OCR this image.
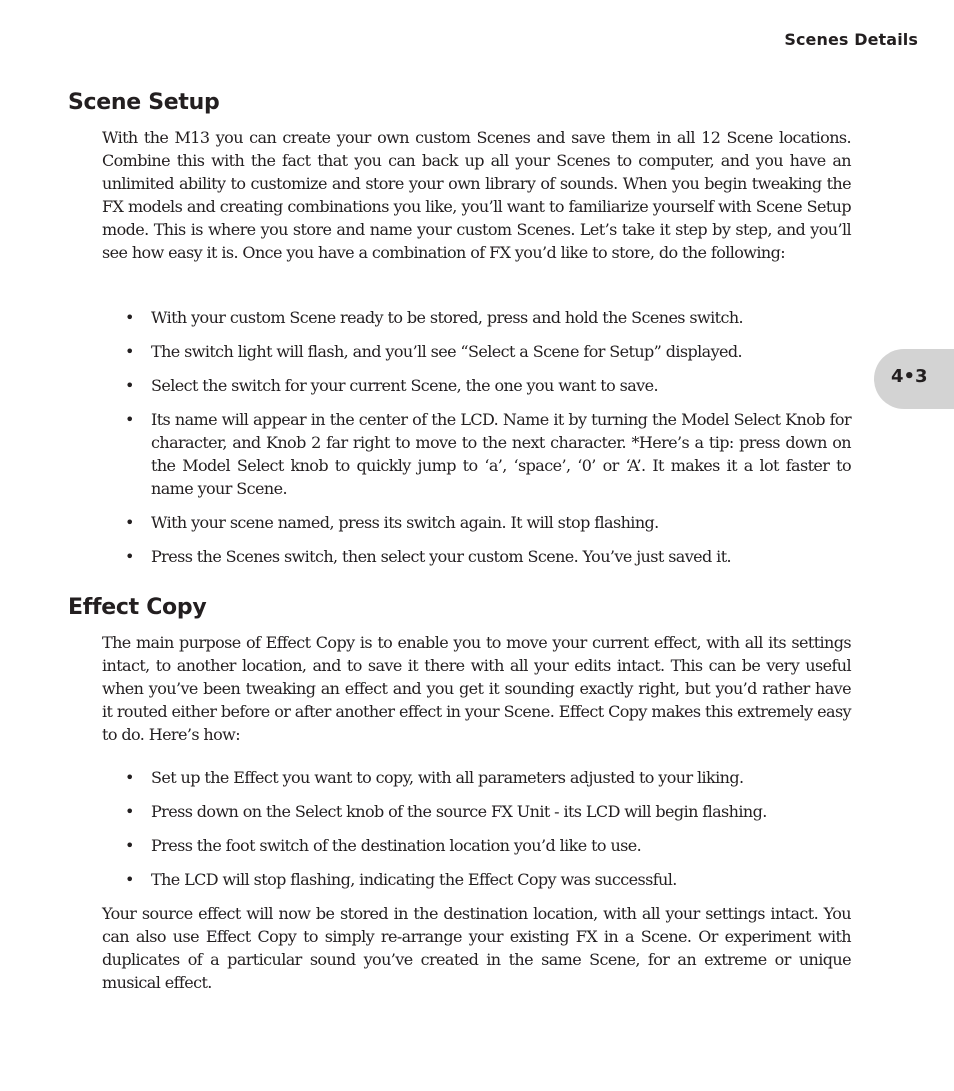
Scenes Details
4•3
Scene Setup

With the M13 you can create your own custom Scenes and save them in all 12 Scene locations. Combine this with the fact that you can back up all your Scenes to computer, and you have an unlimited ability to customize and store your own library of sounds. When you begin tweaking the FX models and creating combinations you like, you’ll want to familiarize yourself with Scene Setup mode. This is where you store and name your custom Scenes. Let’s take it step by step, and you’ll see how easy it is. Once you have a combination of FX you’d like to store, do the following:

• With your custom Scene ready to be stored, press and hold the Scenes switch.

• The switch light will flash, and you’ll see “Select a Scene for Setup” displayed.

• Select the switch for your current Scene, the one you want to save.

• Its name will appear in the center of the LCD. Name it by turning the Model Select Knob for character, and Knob 2 far right to move to the next character. *Here’s a tip: press down on the Model Select knob to quickly jump to ‘a’, ‘space’, ‘0’ or ‘A’. It makes it a lot faster to name your Scene.

• With your scene named, press its switch again. It will stop flashing.

• Press the Scenes switch, then select your custom Scene. You’ve just saved it.

Effect Copy

The main purpose of Effect Copy is to enable you to move your current effect, with all its settings intact, to another location, and to save it there with all your edits intact. This can be very useful when you’ve been tweaking an effect and you get it sounding exactly right, but you’d rather have it routed either before or after another effect in your Scene. Effect Copy makes this extremely easy to do. Here’s how:

• Set up the Effect you want to copy, with all parameters adjusted to your liking.

• Press down on the Select knob of the source FX Unit - its LCD will begin flashing.

• Press the foot switch of the destination location you’d like to use.

• The LCD will stop flashing, indicating the Effect Copy was successful.

Your source effect will now be stored in the destination location, with all your settings intact. You can also use Effect Copy to simply re-arrange your existing FX in a Scene. Or experiment with duplicates of a particular sound you’ve created in the same Scene, for an extreme or unique musical effect.
